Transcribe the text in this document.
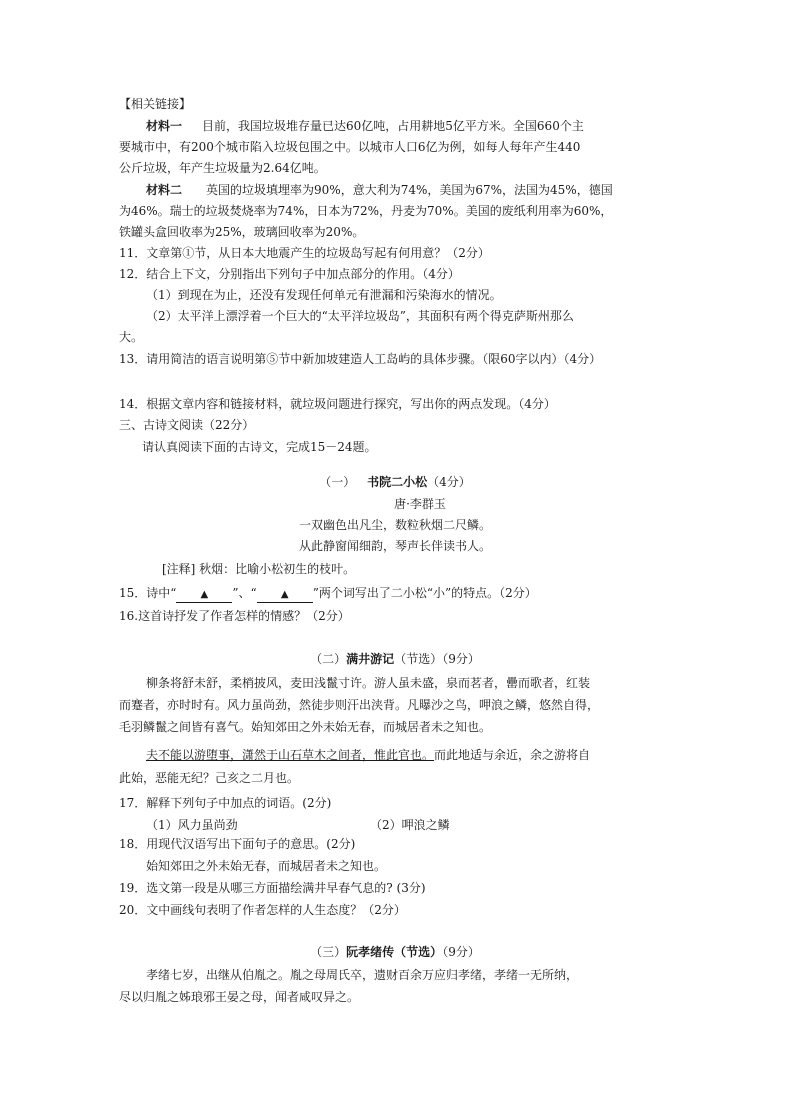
【相关链接】
材料一 目前，我国垃圾堆存量已达60亿吨，占用耕地5亿平方米。全国660个主
要城市中，有200个城市陷入垃圾包围之中。以城市人口6亿为例，如每人每年产生440
公斤垃圾，年产生垃圾量为2.64亿吨。
材料二 英国的垃圾填埋率为90%，意大利为74%，美国为67%，法国为45%，德国
为46%。瑞士的垃圾焚烧率为74%，日本为72%，丹麦为70%。美国的废纸利用率为60%，
铁罐头盒回收率为25%，玻璃回收率为20%。
11．文章第①节，从日本大地震产生的垃圾岛写起有何用意？（2分）
12．结合上下文，分别指出下列句子中加点部分的作用。（4分）
（1）到现在为止，还没有发现任何单元有泄漏和污染海水的情况。
（2）太平洋上漂浮着一个巨大的“太平洋垃圾岛”，其面积有两个得克萨斯州那么
大。
13．请用简洁的语言说明第⑤节中新加坡建造人工岛屿的具体步骤。（限60字以内）（4分）
14．根据文章内容和链接材料，就垃圾问题进行探究，写出你的两点发现。（4分）
三、古诗文阅读（22分）
请认真阅读下面的古诗文，完成15－24题。
（一） 书院二小松（4分）
唐·李群玉
一双幽色出凡尘，数粒秋烟二尺鳞。
从此静窗闻细韵，琴声长伴读书人。
[注释] 秋烟：比喻小松初生的枝叶。
15．诗中“ ▲ ”、“ ▲ ”两个词写出了二小松“小”的特点。（2分）
16.这首诗抒发了作者怎样的情感？（2分）
（二）满井游记（节选）（9分）
柳条将舒未舒，柔梢披风，麦田浅鬣寸许。游人虽未盛，泉而茗者，罍而歌者，红装
而蹇者，亦时时有。风力虽尚劲，然徒步则汗出浃背。凡曝沙之鸟，呷浪之鳞，悠然自得，
毛羽鳞鬣之间皆有喜气。始知郊田之外未始无春，而城居者未之知也。
夫不能以游堕事，潇然于山石草木之间者，惟此官也。而此地适与余近，余之游将自
此始，恶能无纪？己亥之二月也。
17．解释下列句子中加点的词语。(2分)
（1）风力虽尚劲	（2）呷浪之鳞
18．用现代汉语写出下面句子的意思。(2分)
始知郊田之外未始无春，而城居者未之知也。
19．选文第一段是从哪三方面描绘满井早春气息的? (3分)
20．文中画线句表明了作者怎样的人生态度？（2分）
（三）阮孝绪传（节选）（9分）
孝绪七岁，出继从伯胤之。胤之母周氏卒，遗财百余万应归孝绪，孝绪一无所纳，
尽以归胤之姊琅邪王晏之母，闻者咸叹异之。
